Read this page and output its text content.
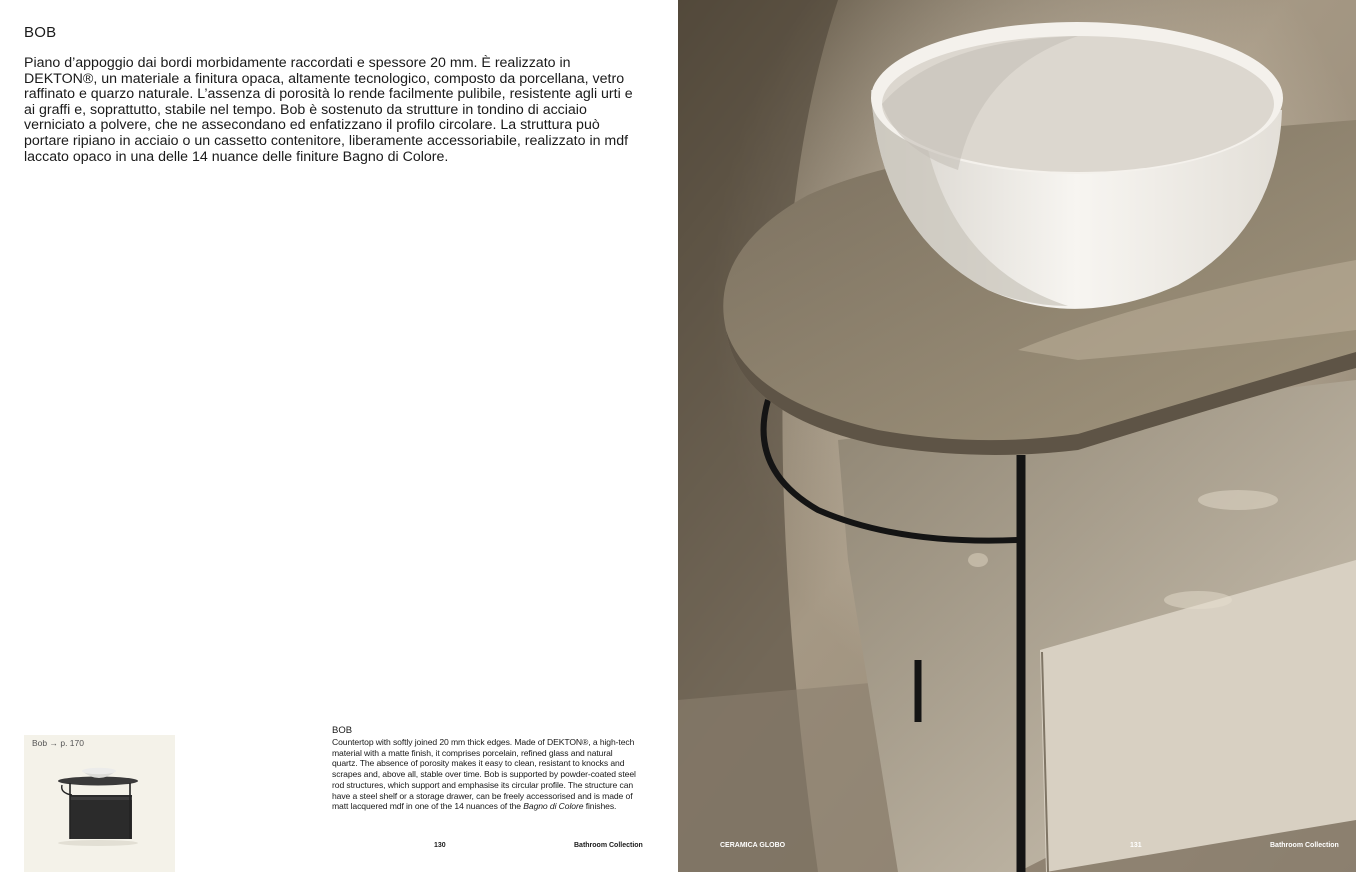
BOB

Piano d’appoggio dai bordi morbidamente raccordati e spessore 20 mm. È realizzato in DEKTON®, un materiale a finitura opaca, altamente tecnologico, composto da porcellana, vetro raffinato e quarzo naturale. L’assenza di porosità lo rende facilmente pulibile, resistente agli urti e ai graffi e, soprattutto, stabile nel tempo. Bob è sostenuto da strutture in tondino di acciaio verniciato a polvere, che ne assecondano ed enfatizzano il profilo circolare. La struttura può portare ripiano in acciaio o un cassetto contenitore, liberamente accessoriabile, realizzato in mdf laccato opaco in una delle 14 nuance delle finiture Bagno di Colore.

Bob → p. 170
BOB

Countertop with softly joined 20 mm thick edges. Made of DEKTON®, a high-tech material with a matte finish, it comprises porcelain, refined glass and natural quartz. The absence of porosity makes it easy to clean, resistant to knocks and scrapes and, above all, stable over time. Bob is supported by powder-coated steel rod structures, which support and emphasise its circular profile. The structure can have a steel shelf or a storage drawer, can be freely accessorised and is made of matt lacquered mdf in one of the 14 nuances of the Bagno di Colore finishes.

130	Bathroom Collection	CERAMICA GLOBO	131	Bathroom Collection
